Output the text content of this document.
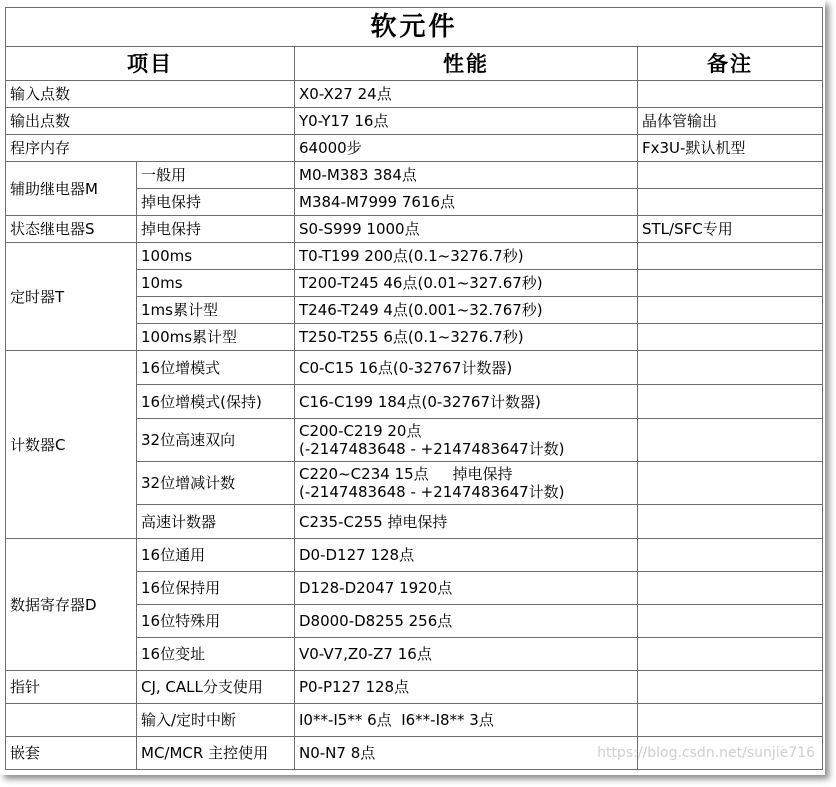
软元件			
项目		性能	备注
输入点数		X0-X27 24点	
输出点数		Y0-Y17 16点	晶体管输出
程序内存		64000步	Fx3U-默认机型
辅助继电器M	一般用	M0-M383 384点	
	掉电保持	M384-M7999 7616点	
状态继电器S	掉电保持	S0-S999 1000点	STL/SFC专用
定时器T	100ms	T0-T199 200点(0.1~3276.7秒)	
	10ms	T200-T245 46点(0.01~327.67秒)	
	1ms累计型	T246-T249 4点(0.001~32.767秒)	
	100ms累计型	T250-T255 6点(0.1~3276.7秒)	
计数器C	16位增模式	C0-C15 16点(0-32767计数器)	
	16位增模式(保持)	C16-C199 184点(0-32767计数器)	
	32位高速双向	C200-C219 20点
(-2147483648 - +2147483647计数)	

	32位增减计数	C220~C234 15点     掉电保持
(-2147483648 - +2147483647计数)	

	高速计数器	C235-C255 掉电保持	
数据寄存器D	16位通用	D0-D127 128点	
	16位保持用	D128-D2047 1920点	
	16位特殊用	D8000-D8255 256点	
	16位变址	V0-V7,Z0-Z7 16点	
指针	CJ, CALL分支使用	P0-P127 128点	
	输入/定时中断	I0**-I5** 6点  I6**-I8** 3点	
嵌套	MC/MCR 主控使用	N0-N7 8点		https://blog.csdn.net/sunjie716
